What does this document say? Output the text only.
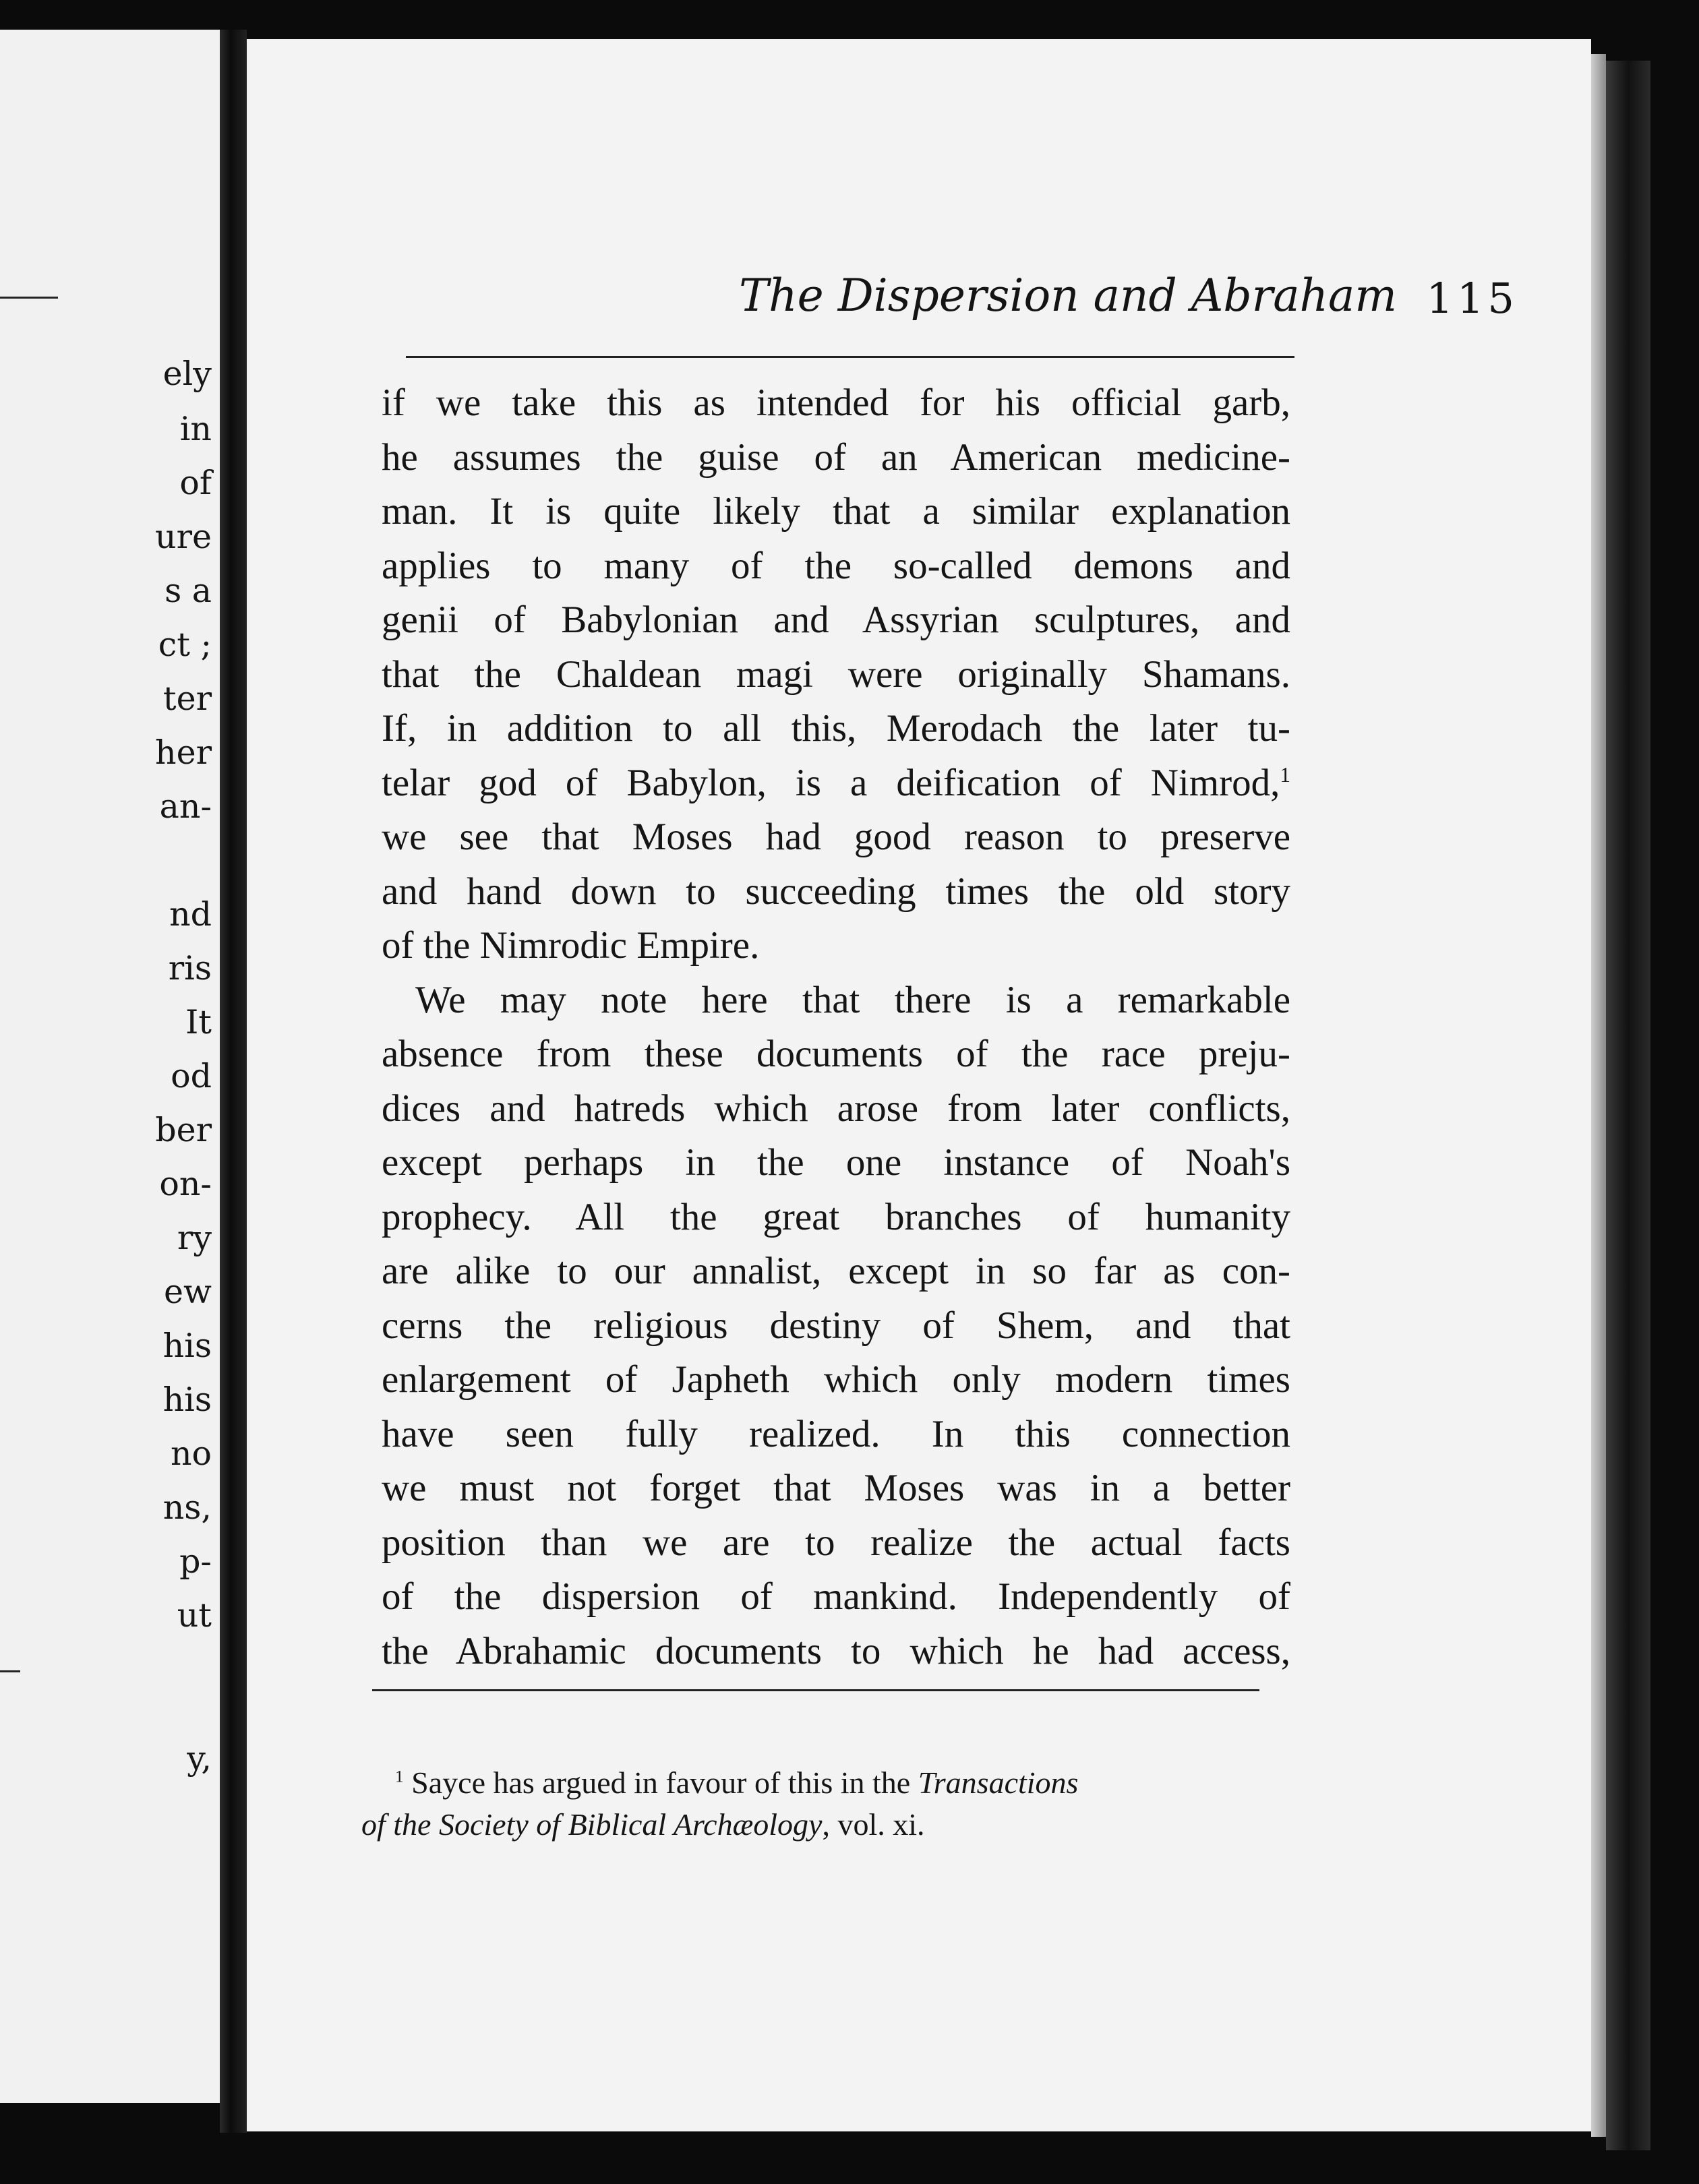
ely
in
of
ure
s a
ct ;
ter
her
an-
nd
ris
It
od
ber
on-
ry
ew
his
his
no
ns,
p-
ut
y,
The Dispersion and Abraham 115
if we take this as intended for his official garb,
he assumes the guise of an American medicine-
man. It is quite likely that a similar explanation
applies to many of the so-called demons and
genii of Babylonian and Assyrian sculptures, and
that the Chaldean magi were originally Shamans.
If, in addition to all this, Merodach the later tu-
telar god of Babylon, is a deification of Nimrod,$^1$
we see that Moses had good reason to preserve
and hand down to succeeding times the old story
of the Nimrodic Empire.
We may note here that there is a remarkable
absence from these documents of the race preju-
dices and hatreds which arose from later conflicts,
except perhaps in the one instance of Noah's
prophecy. All the great branches of humanity
are alike to our annalist, except in so far as con-
cerns the religious destiny of Shem, and that
enlargement of Japheth which only modern times
have seen fully realized. In this connection
we must not forget that Moses was in a better
position than we are to realize the actual facts
of the dispersion of mankind. Independently of
the Abrahamic documents to which he had access,
$^1$ Sayce has argued in favour of this in the Transactions
of the Society of Biblical Archæology, vol. xi.
